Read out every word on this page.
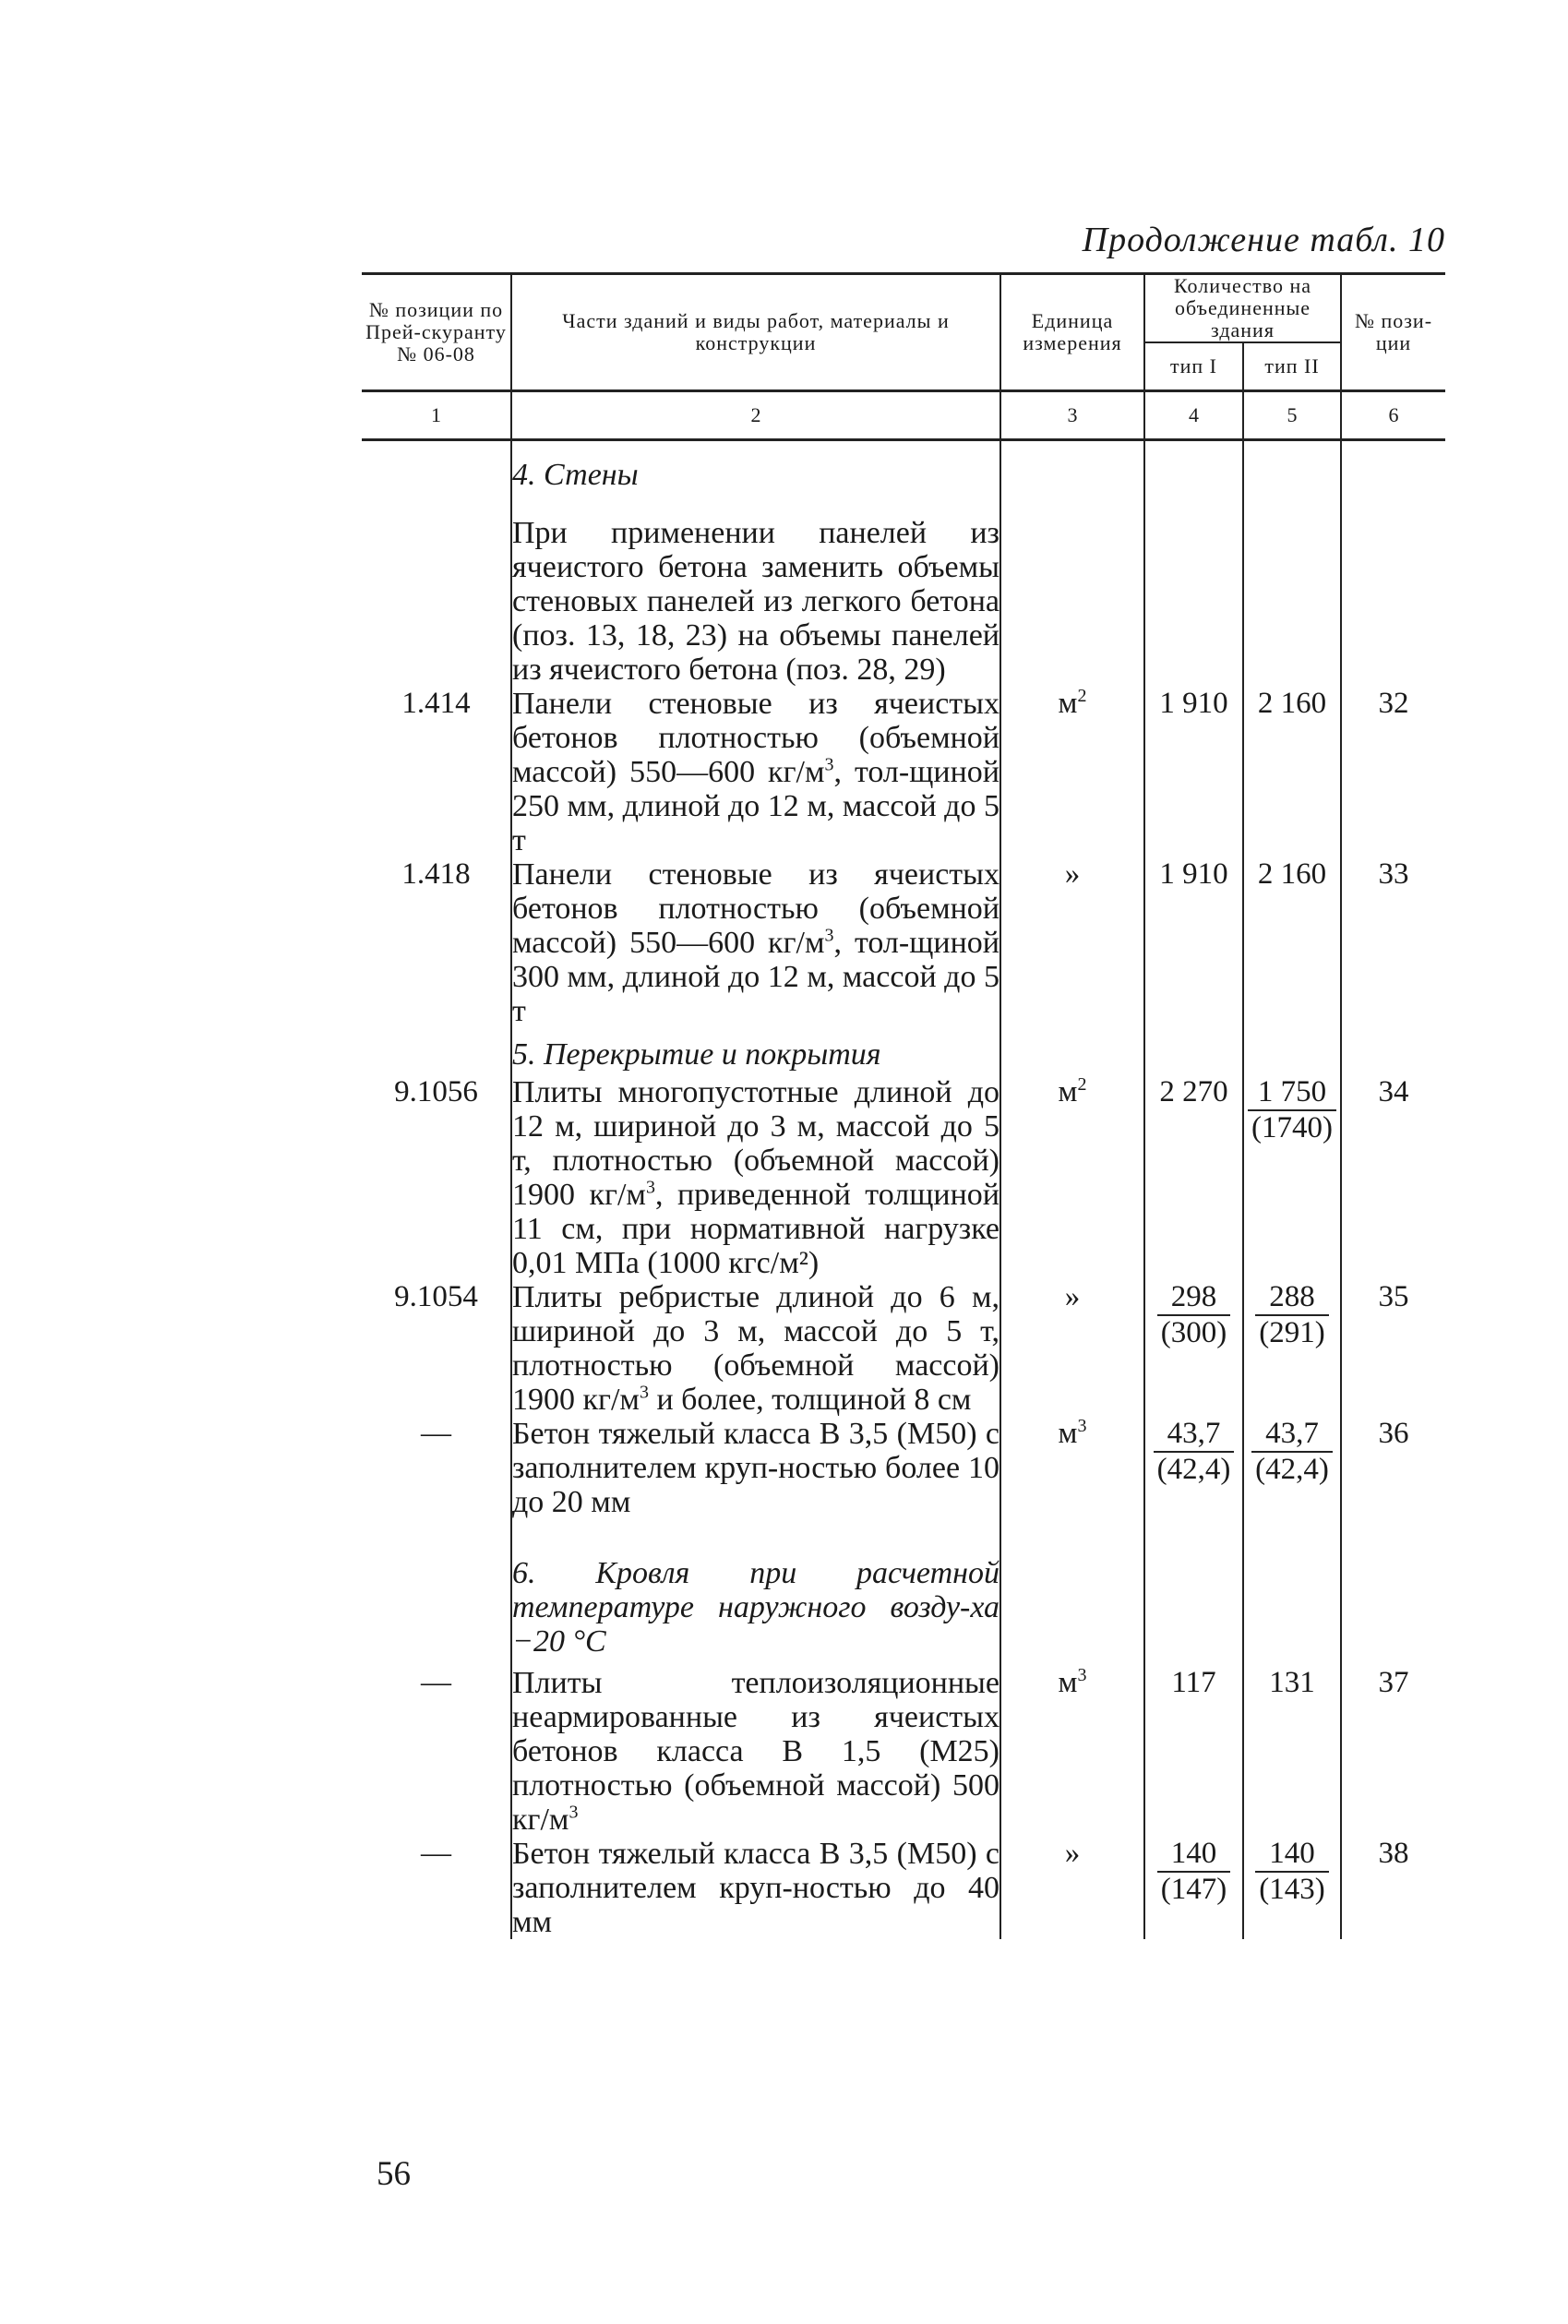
Продолжение табл. 10
№ позиции по Прей-скуранту № 06-08	Части зданий и виды работ, материалы и конструкции	Единица измерения	Количество на объединенные здания		№ пози-ции
			тип I	тип II	
1	2	3	4	5	6
	4. Стены				
	При применении панелей из ячеистого бетона заменить объемы стеновых панелей из легкого бетона (поз. 13, 18, 23) на объемы панелей из ячеистого бетона (поз. 28, 29)				
1.414	Панели стеновые из ячеистых бетонов плотностью (объемной массой) 550—600 $кг/м^3$, тол-щиной 250 мм, длиной до 12 м, массой до 5 т	$м^2$	1 910	2 160	32
1.418	Панели стеновые из ячеистых бетонов плотностью (объемной массой) 550—600 $кг/м^3$, тол-щиной 300 мм, длиной до 12 м, массой до 5 т	»	1 910	2 160	33
	5. Перекрытие и покрытия				
9.1056	Плиты многопустотные длиной до 12 м, шириной до 3 м, массой до 5 т, плотностью (объемной массой) 1900 $кг/м^3$, приведенной толщиной 11 см, при нормативной нагрузке 0,01 МПа (1000 кгс/м²)	$м^2$	2 270	$\frac{1 750}{(1740)}$	34
9.1054	Плиты ребристые длиной до 6 м, шириной до 3 м, массой до 5 т, плотностью (объемной массой) 1900 $кг/м^3$ и более, толщиной 8 см	»	$\frac{298}{(300)}$	$\frac{288}{(291)}$	35
—	Бетон тяжелый класса В 3,5 (М50) с заполнителем круп-ностью более 10 до 20 мм	$м^3$	$\frac{43,7}{(42,4)}$	$\frac{43,7}{(42,4)}$	36
	6. Кровля при расчетной температуре наружного возду-ха −20 °С				
—	Плиты теплоизоляционные неармированные из ячеистых бетонов класса В 1,5 (М25) плотностью (объемной массой) 500 $кг/м^3$	$м^3$	117	131	37
—	Бетон тяжелый класса В 3,5 (М50) с заполнителем круп-ностью до 40 мм	»	$\frac{140}{(147)}$	$\frac{140}{(143)}$	38
56
